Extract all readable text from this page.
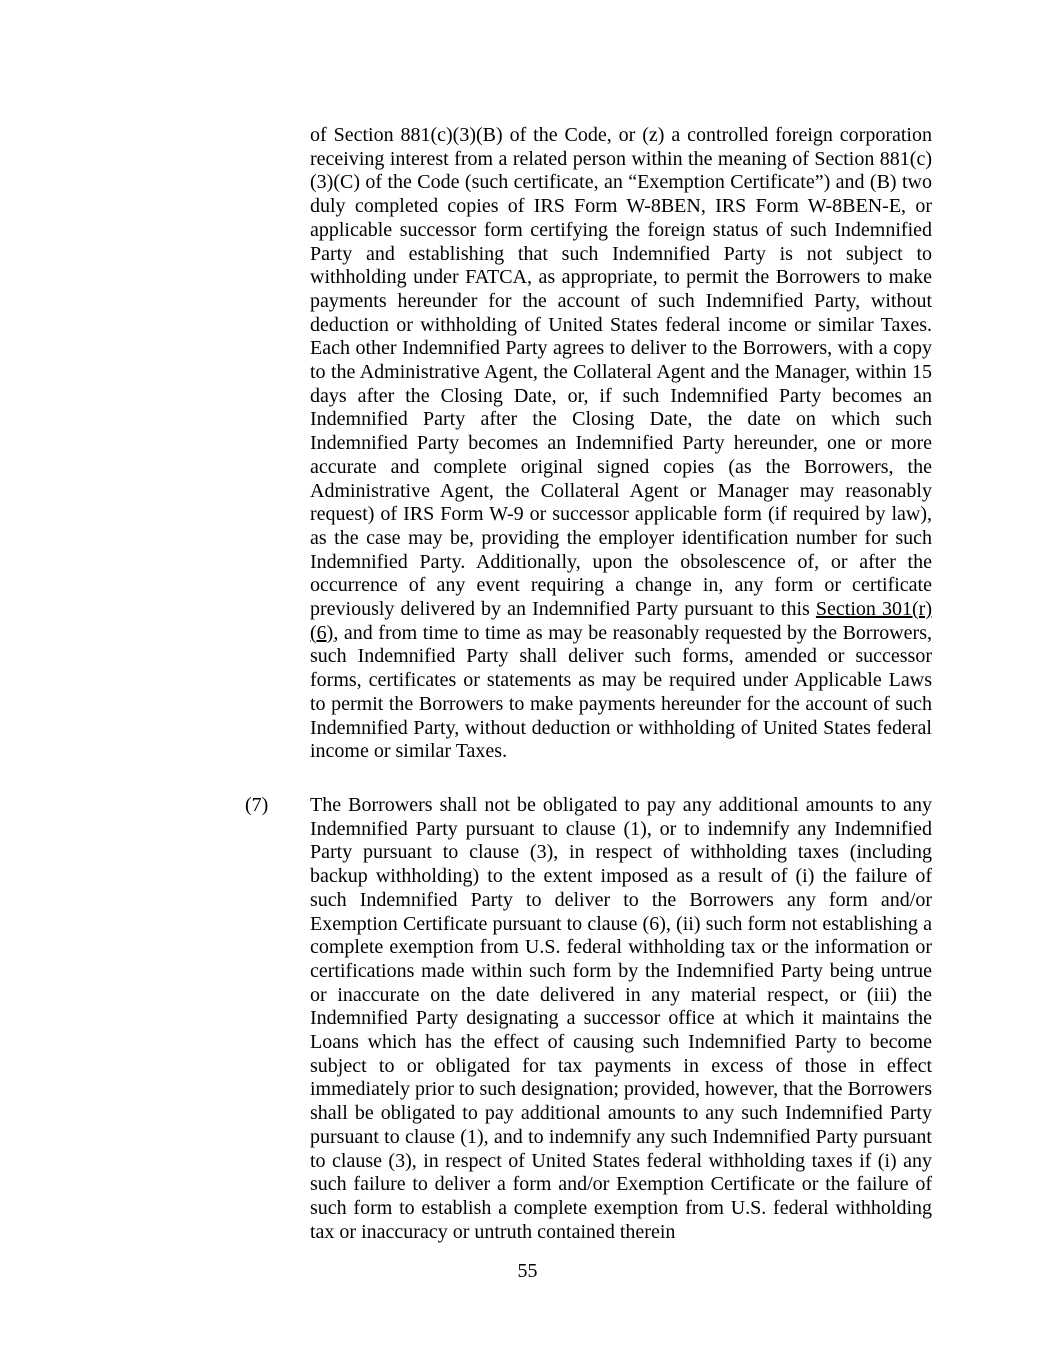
of Section 881(c)(3)(B) of the Code, or (z) a controlled foreign corporation receiving interest from a related person within the meaning of Section 881(c)(3)(C) of the Code (such certificate, an “Exemption Certificate”) and (B) two duly completed copies of IRS Form W-8BEN, IRS Form W-8BEN-E, or applicable successor form certifying the foreign status of such Indemnified Party and establishing that such Indemnified Party is not subject to withholding under FATCA, as appropriate, to permit the Borrowers to make payments hereunder for the account of such Indemnified Party, without deduction or withholding of United States federal income or similar Taxes. Each other Indemnified Party agrees to deliver to the Borrowers, with a copy to the Administrative Agent, the Collateral Agent and the Manager, within 15 days after the Closing Date, or, if such Indemnified Party becomes an Indemnified Party after the Closing Date, the date on which such Indemnified Party becomes an Indemnified Party hereunder, one or more accurate and complete original signed copies (as the Borrowers, the Administrative Agent, the Collateral Agent or Manager may reasonably request) of IRS Form W-9 or successor applicable form (if required by law), as the case may be, providing the employer identification number for such Indemnified Party. Additionally, upon the obsolescence of, or after the occurrence of any event requiring a change in, any form or certificate previously delivered by an Indemnified Party pursuant to this Section 301(r)(6), and from time to time as may be reasonably requested by the Borrowers, such Indemnified Party shall deliver such forms, amended or successor forms, certificates or statements as may be required under Applicable Laws to permit the Borrowers to make payments hereunder for the account of such Indemnified Party, without deduction or withholding of United States federal income or similar Taxes.
(7) The Borrowers shall not be obligated to pay any additional amounts to any Indemnified Party pursuant to clause (1), or to indemnify any Indemnified Party pursuant to clause (3), in respect of withholding taxes (including backup withholding) to the extent imposed as a result of (i) the failure of such Indemnified Party to deliver to the Borrowers any form and/or Exemption Certificate pursuant to clause (6), (ii) such form not establishing a complete exemption from U.S. federal withholding tax or the information or certifications made within such form by the Indemnified Party being untrue or inaccurate on the date delivered in any material respect, or (iii) the Indemnified Party designating a successor office at which it maintains the Loans which has the effect of causing such Indemnified Party to become subject to or obligated for tax payments in excess of those in effect immediately prior to such designation; provided, however, that the Borrowers shall be obligated to pay additional amounts to any such Indemnified Party pursuant to clause (1), and to indemnify any such Indemnified Party pursuant to clause (3), in respect of United States federal withholding taxes if (i) any such failure to deliver a form and/or Exemption Certificate or the failure of such form to establish a complete exemption from U.S. federal withholding tax or inaccuracy or untruth contained therein
55
